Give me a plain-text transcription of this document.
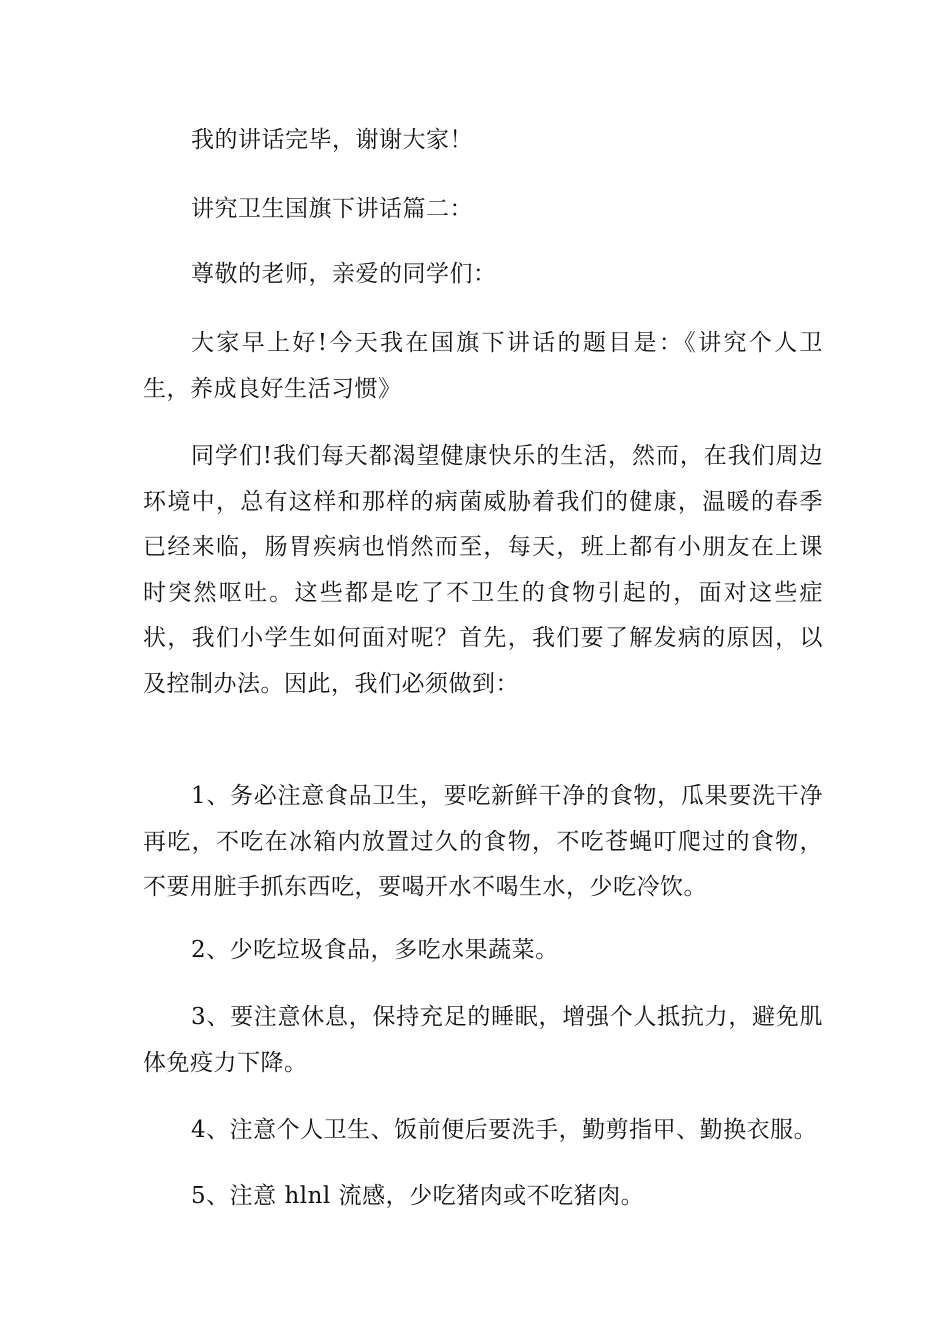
我的讲话完毕，谢谢大家！

讲究卫生国旗下讲话篇二：

尊敬的老师，亲爱的同学们：

大家早上好!今天我在国旗下讲话的题目是：《讲究个人卫生，养成良好生活习惯》

同学们!我们每天都渴望健康快乐的生活，然而，在我们周边环境中，总有这样和那样的病菌威胁着我们的健康，温暖的春季已经来临，肠胃疾病也悄然而至，每天，班上都有小朋友在上课时突然呕吐。这些都是吃了不卫生的食物引起的，面对这些症状，我们小学生如何面对呢？首先，我们要了解发病的原因，以及控制办法。因此，我们必须做到：

1、务必注意食品卫生，要吃新鲜干净的食物，瓜果要洗干净再吃，不吃在冰箱内放置过久的食物，不吃苍蝇叮爬过的食物，不要用脏手抓东西吃，要喝开水不喝生水，少吃冷饮。

2、少吃垃圾食品，多吃水果蔬菜。

3、要注意休息，保持充足的睡眠，增强个人抵抗力，避免肌体免疫力下降。

4、注意个人卫生、饭前便后要洗手，勤剪指甲、勤换衣服。

5、注意 hlnl 流感，少吃猪肉或不吃猪肉。
